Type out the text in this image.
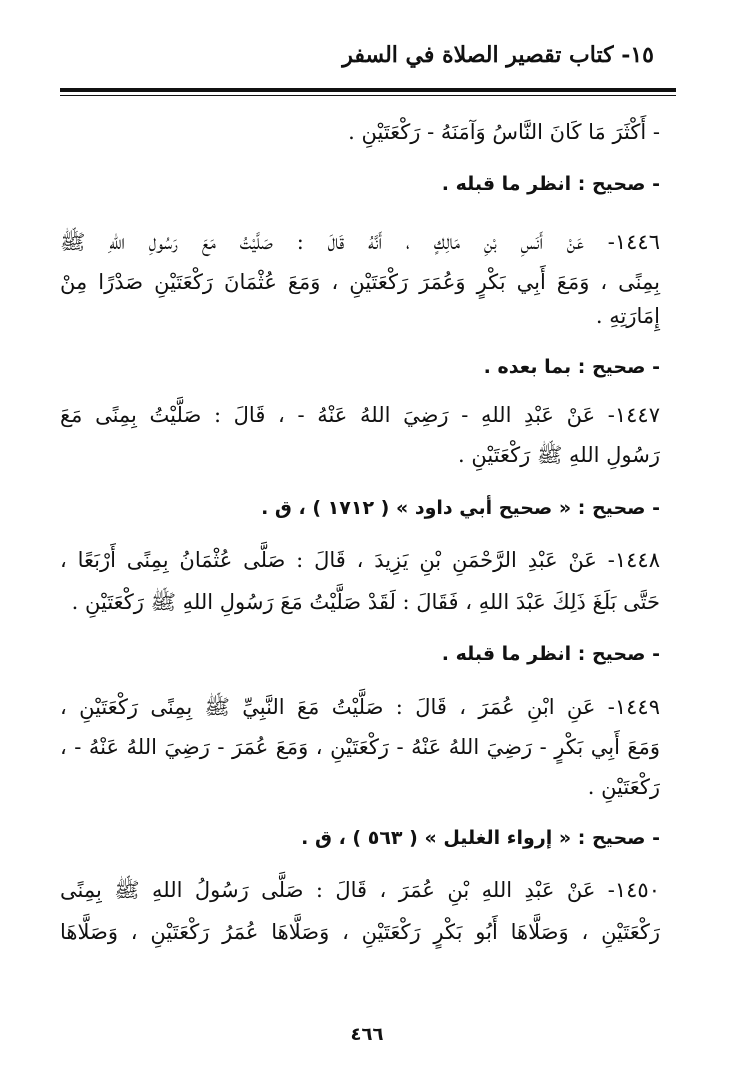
١٥- كتاب تقصير الصلاة في السفر
- أَكْثَرَ مَا كَانَ النَّاسُ وَآمَنَهُ - رَكْعَتَيْنِ .
- صحيح : انظر ما قبله .
١٤٤٦- عَنْ أَنَسِ بْنِ مَالِكٍ ، أَنَّهُ قَالَ : صَلَّيْتُ مَعَ رَسُولِ اللهِ ﷺ
بِمِنًى ، وَمَعَ أَبِي بَكْرٍ وَعُمَرَ رَكْعَتَيْنِ ، وَمَعَ عُثْمَانَ رَكْعَتَيْنِ صَدْرًا مِنْ
إِمَارَتِهِ .
- صحيح : بما بعده .
١٤٤٧- عَنْ عَبْدِ اللهِ - رَضِيَ اللهُ عَنْهُ - ، قَالَ : صَلَّيْتُ بِمِنًى مَعَ
رَسُولِ اللهِ ﷺ رَكْعَتَيْنِ .
- صحيح : « صحيح أبي داود » ( ١٧١٢ ) ، ق .
١٤٤٨- عَنْ عَبْدِ الرَّحْمَنِ بْنِ يَزِيدَ ، قَالَ : صَلَّى عُثْمَانُ بِمِنًى أَرْبَعًا ،
حَتَّى بَلَغَ ذَلِكَ عَبْدَ اللهِ ، فَقَالَ : لَقَدْ صَلَّيْتُ مَعَ رَسُولِ اللهِ ﷺ رَكْعَتَيْنِ .
- صحيح : انظر ما قبله .
١٤٤٩- عَنِ ابْنِ عُمَرَ ، قَالَ : صَلَّيْتُ مَعَ النَّبِيِّ ﷺ بِمِنًى رَكْعَتَيْنِ ،
وَمَعَ أَبِي بَكْرٍ - رَضِيَ اللهُ عَنْهُ - رَكْعَتَيْنِ ، وَمَعَ عُمَرَ - رَضِيَ اللهُ عَنْهُ - ،
رَكْعَتَيْنِ .
- صحيح : « إرواء الغليل » ( ٥٦٣ ) ، ق .
١٤٥٠- عَنْ عَبْدِ اللهِ بْنِ عُمَرَ ، قَالَ : صَلَّى رَسُولُ اللهِ ﷺ بِمِنًى
رَكْعَتَيْنِ ، وَصَلَّاهَا أَبُو بَكْرٍ رَكْعَتَيْنِ ، وَصَلَّاهَا عُمَرُ رَكْعَتَيْنِ ، وَصَلَّاهَا
٤٦٦
